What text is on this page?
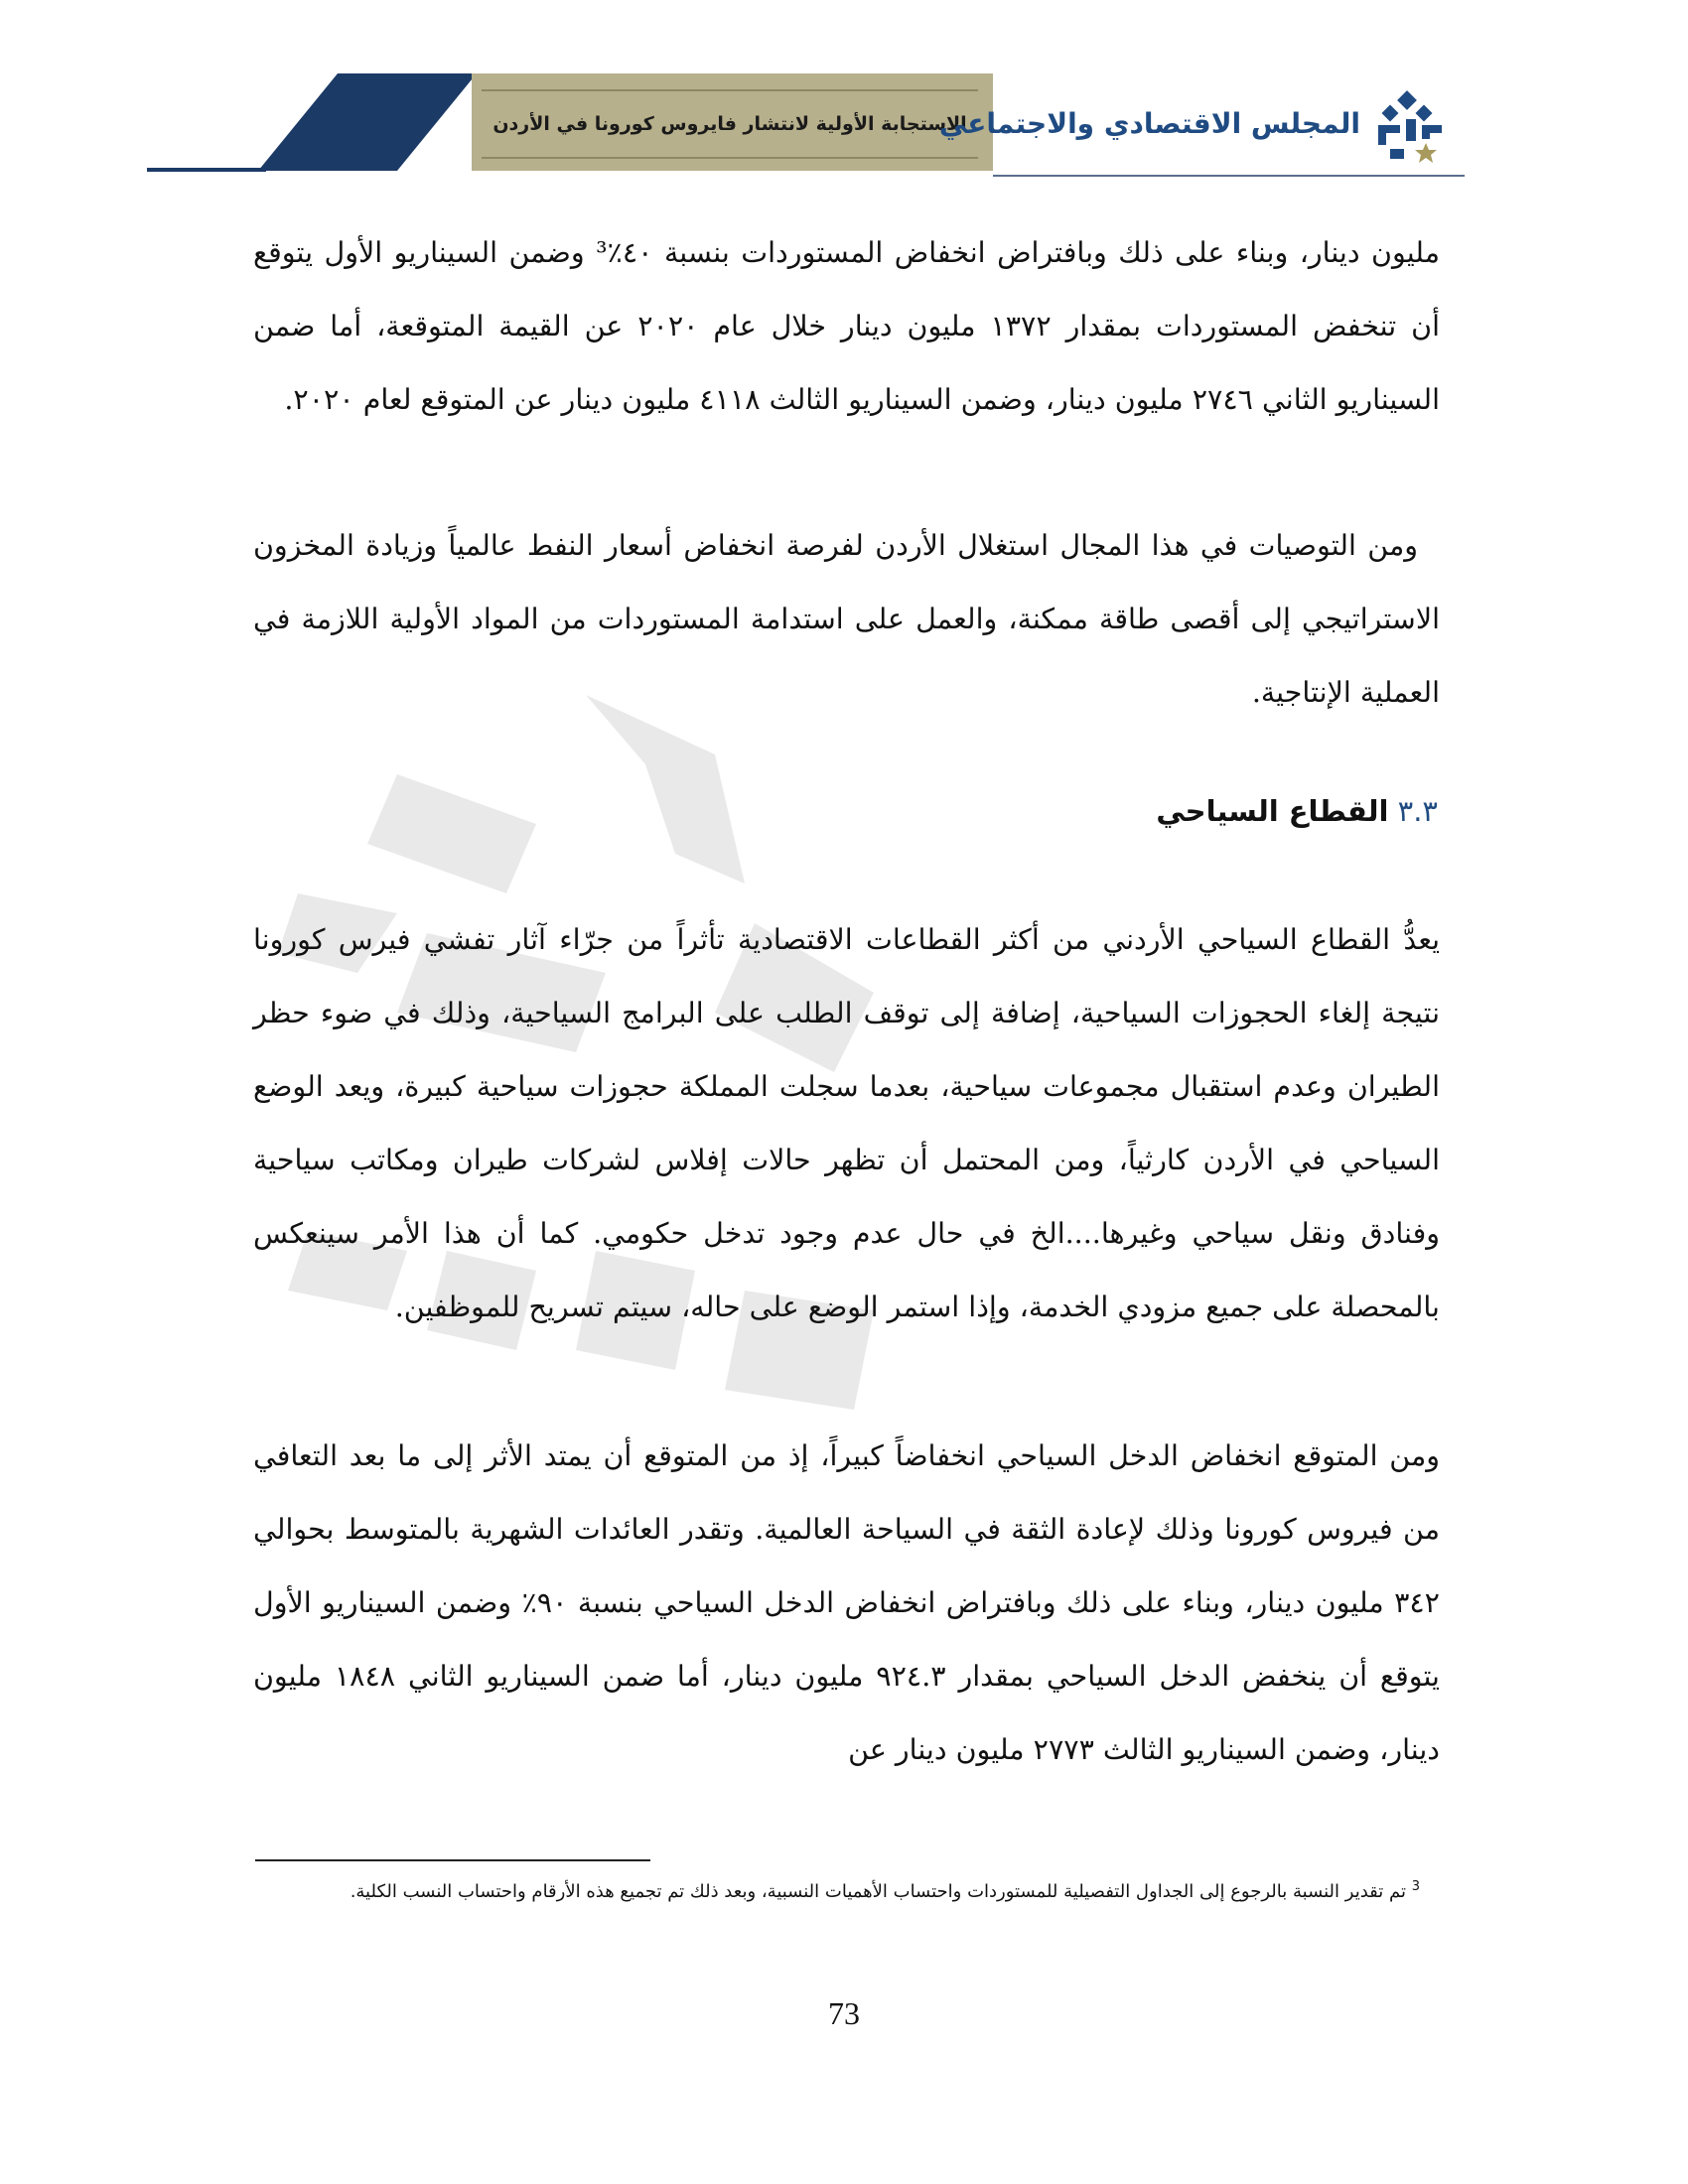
الاستجابة الأولية لانتشار فايروس كورونا في الأردن
المجلس الاقتصادي والاجتماعي
مليون دينار، وبناء على ذلك وبافتراض انخفاض المستوردات بنسبة ٤٠٪³ وضمن السيناريو الأول يتوقع أن تنخفض المستوردات بمقدار ١٣٧٢ مليون دينار خلال عام ٢٠٢٠ عن القيمة المتوقعة، أما ضمن السيناريو الثاني ٢٧٤٦ مليون دينار، وضمن السيناريو الثالث ٤١١٨ مليون دينار عن المتوقع لعام ٢٠٢٠.
ومن التوصيات في هذا المجال استغلال الأردن لفرصة انخفاض أسعار النفط عالمياً وزيادة المخزون الاستراتيجي إلى أقصى طاقة ممكنة، والعمل على استدامة المستوردات من المواد الأولية اللازمة في العملية الإنتاجية.
٣.٣ القطاع السياحي
يعدُّ القطاع السياحي الأردني من أكثر القطاعات الاقتصادية تأثراً من جرّاء آثار تفشي فيرس كورونا نتيجة إلغاء الحجوزات السياحية، إضافة إلى توقف الطلب على البرامج السياحية، وذلك في ضوء حظر الطيران وعدم استقبال مجموعات سياحية، بعدما سجلت المملكة حجوزات سياحية كبيرة، ويعد الوضع السياحي في الأردن كارثياً، ومن المحتمل أن تظهر حالات إفلاس لشركات طيران ومكاتب سياحية وفنادق ونقل سياحي وغيرها....الخ في حال عدم وجود تدخل حكومي. كما أن هذا الأمر سينعكس بالمحصلة على جميع مزودي الخدمة، وإذا استمر الوضع على حاله، سيتم تسريح للموظفين.
ومن المتوقع انخفاض الدخل السياحي انخفاضاً كبيراً، إذ من المتوقع أن يمتد الأثر إلى ما بعد التعافي من فيروس كورونا وذلك لإعادة الثقة في السياحة العالمية. وتقدر العائدات الشهرية بالمتوسط بحوالي ٣٤٢ مليون دينار، وبناء على ذلك وبافتراض انخفاض الدخل السياحي بنسبة ٩٠٪ وضمن السيناريو الأول يتوقع أن ينخفض الدخل السياحي بمقدار ٩٢٤.٣ مليون دينار، أما ضمن السيناريو الثاني ١٨٤٨ مليون دينار، وضمن السيناريو الثالث ٢٧٧٣ مليون دينار عن
$^3$ تم تقدير النسبة بالرجوع إلى الجداول التفصيلية للمستوردات واحتساب الأهميات النسبية، وبعد ذلك تم تجميع هذه الأرقام واحتساب النسب الكلية.
73
